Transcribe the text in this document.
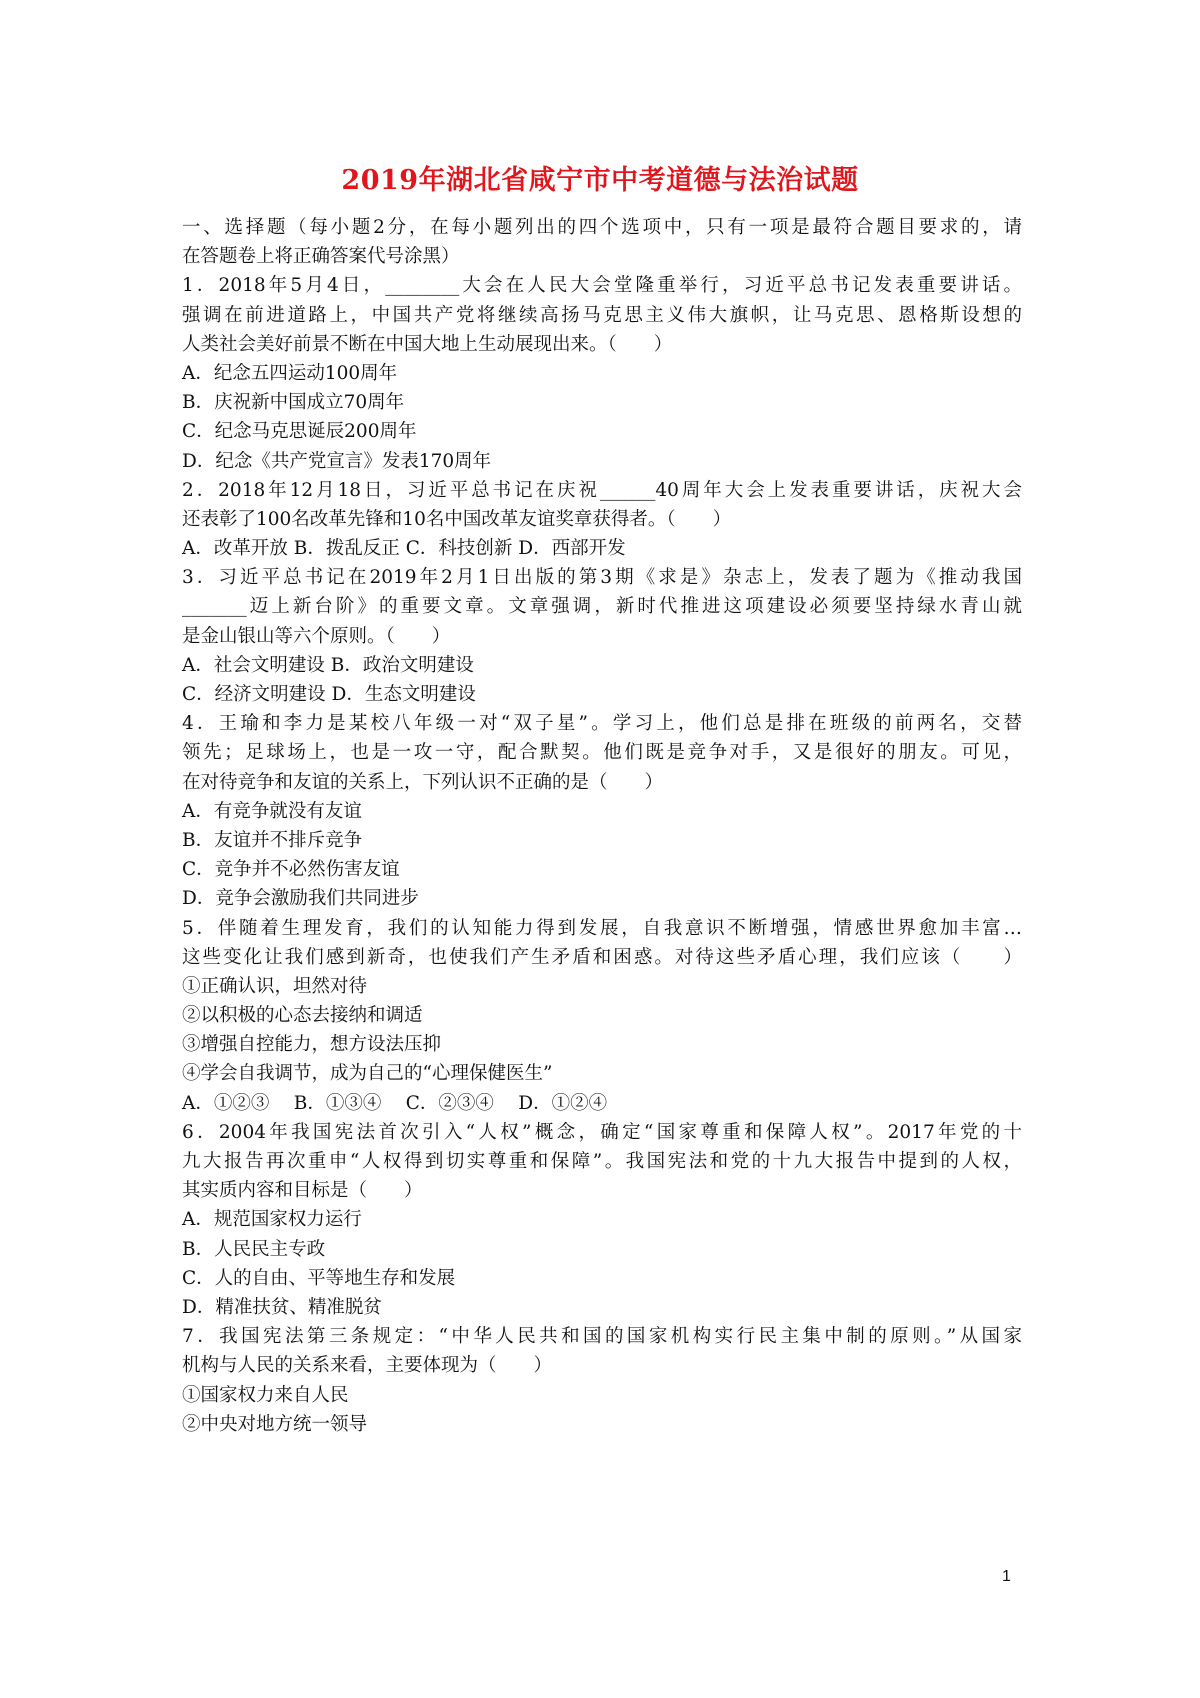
2019年湖北省咸宁市中考道德与法治试题
一、选择题（每小题2分，在每小题列出的四个选项中，只有一项是最符合题目要求的，请
在答题卷上将正确答案代号涂黑）
1．2018年5月4日，________大会在人民大会堂隆重举行，习近平总书记发表重要讲话。
强调在前进道路上，中国共产党将继续高扬马克思主义伟大旗帜，让马克思、恩格斯设想的
人类社会美好前景不断在中国大地上生动展现出来。（　　）
A．纪念五四运动100周年
B．庆祝新中国成立70周年
C．纪念马克思诞辰200周年
D．纪念《共产党宣言》发表170周年
2．2018年12月18日，习近平总书记在庆祝______40周年大会上发表重要讲话，庆祝大会
还表彰了100名改革先锋和10名中国改革友谊奖章获得者。（　　）
A．改革开放 B．拨乱反正 C．科技创新 D．西部开发
3．习近平总书记在2019年2月1日出版的第3期《求是》杂志上，发表了题为《推动我国
_______迈上新台阶》的重要文章。文章强调，新时代推进这项建设必须要坚持绿水青山就
是金山银山等六个原则。（　　）
A．社会文明建设 B．政治文明建设
C．经济文明建设 D．生态文明建设
4．王瑜和李力是某校八年级一对“双子星”。学习上，他们总是排在班级的前两名，交替
领先；足球场上，也是一攻一守，配合默契。他们既是竞争对手，又是很好的朋友。可见，
在对待竞争和友谊的关系上，下列认识不正确的是（　　）
A．有竞争就没有友谊
B．友谊并不排斥竞争
C．竞争并不必然伤害友谊
D．竞争会激励我们共同进步
5．伴随着生理发育，我们的认知能力得到发展，自我意识不断增强，情感世界愈加丰富…
这些变化让我们感到新奇，也使我们产生矛盾和困惑。对待这些矛盾心理，我们应该（　　）
①正确认识，坦然对待
②以积极的心态去接纳和调适
③增强自控能力，想方设法压抑
④学会自我调节，成为自己的“心理保健医生”
A．①②③　 B．①③④　 C．②③④　 D．①②④
6．2004年我国宪法首次引入“人权”概念，确定“国家尊重和保障人权”。2017年党的十
九大报告再次重申“人权得到切实尊重和保障”。我国宪法和党的十九大报告中提到的人权，
其实质内容和目标是（　　）
A．规范国家权力运行
B．人民民主专政
C．人的自由、平等地生存和发展
D．精准扶贫、精准脱贫
7．我国宪法第三条规定：“中华人民共和国的国家机构实行民主集中制的原则。”从国家
机构与人民的关系来看，主要体现为（　　）
①国家权力来自人民
②中央对地方统一领导
1
